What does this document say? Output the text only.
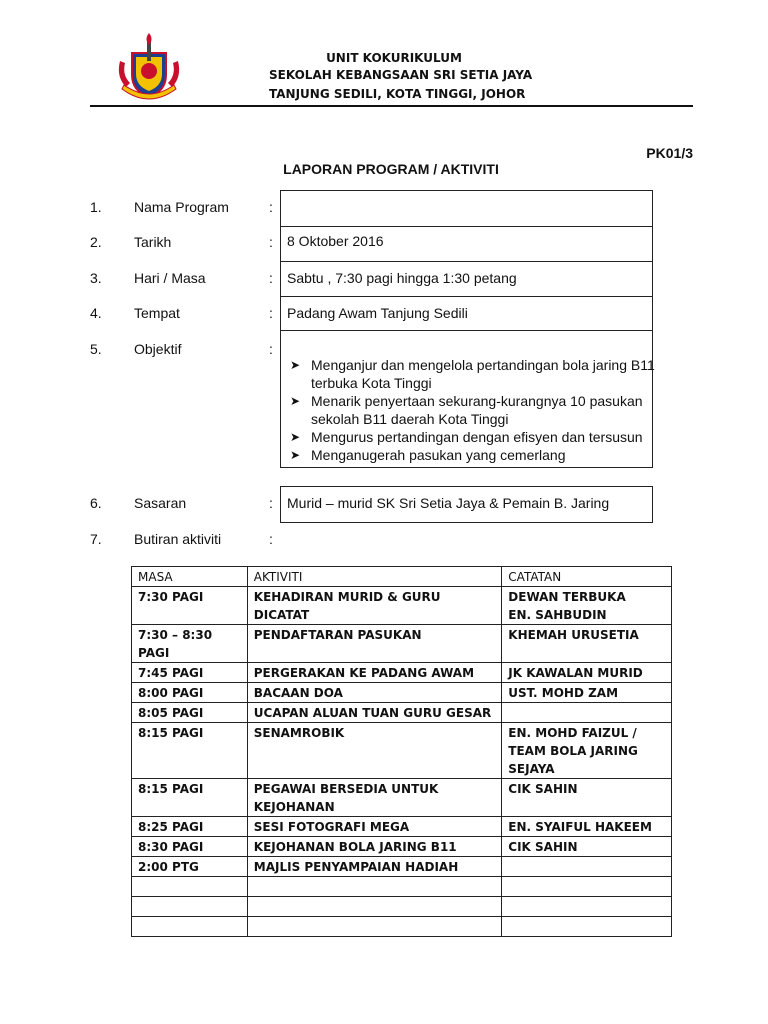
UNIT KOKURIKULUM
SEKOLAH KEBANGSAAN SRI SETIA JAYA
TANJUNG SEDILI, KOTA TINGGI, JOHOR
PK01/3
LAPORAN PROGRAM / AKTIVITI
1. Nama Program	:
2. Tarikh	: 8 Oktober 2016
3. Hari / Masa	: Sabtu , 7:30 pagi hingga 1:30 petang
4. Tempat	: Padang Awam Tanjung Sedili
5. Objektif	:
➤ Menganjur dan mengelola pertandingan bola jaring B11
terbuka Kota Tinggi
➤ Menarik penyertaan sekurang-kurangnya 10 pasukan
sekolah B11 daerah Kota Tinggi
➤ Mengurus pertandingan dengan efisyen dan tersusun
➤ Menganugerah pasukan yang cemerlang
6. Sasaran	: Murid – murid SK Sri Setia Jaya & Pemain B. Jaring
7. Butiran aktiviti	:
MASA	AKTIVITI	CATATAN
7:30 PAGI	KEHADIRAN MURID & GURU DICATAT	DEWAN TERBUKA
EN. SAHBUDIN
7:30 – 8:30 PAGI	PENDAFTARAN PASUKAN	KHEMAH URUSETIA
7:45 PAGI	PERGERAKAN KE PADANG AWAM	JK KAWALAN MURID
8:00 PAGI	BACAAN DOA	UST. MOHD ZAM
8:05 PAGI	UCAPAN ALUAN TUAN GURU GESAR	
8:15 PAGI	SENAMROBIK	EN. MOHD FAIZUL /
TEAM BOLA JARING
SEJAYA
8:15 PAGI	PEGAWAI BERSEDIA UNTUK
KEJOHANAN	CIK SAHIN
8:25 PAGI	SESI FOTOGRAFI MEGA	EN. SYAIFUL HAKEEM
8:30 PAGI	KEJOHANAN BOLA JARING B11	CIK SAHIN
2:00 PTG	MAJLIS PENYAMPAIAN HADIAH	
